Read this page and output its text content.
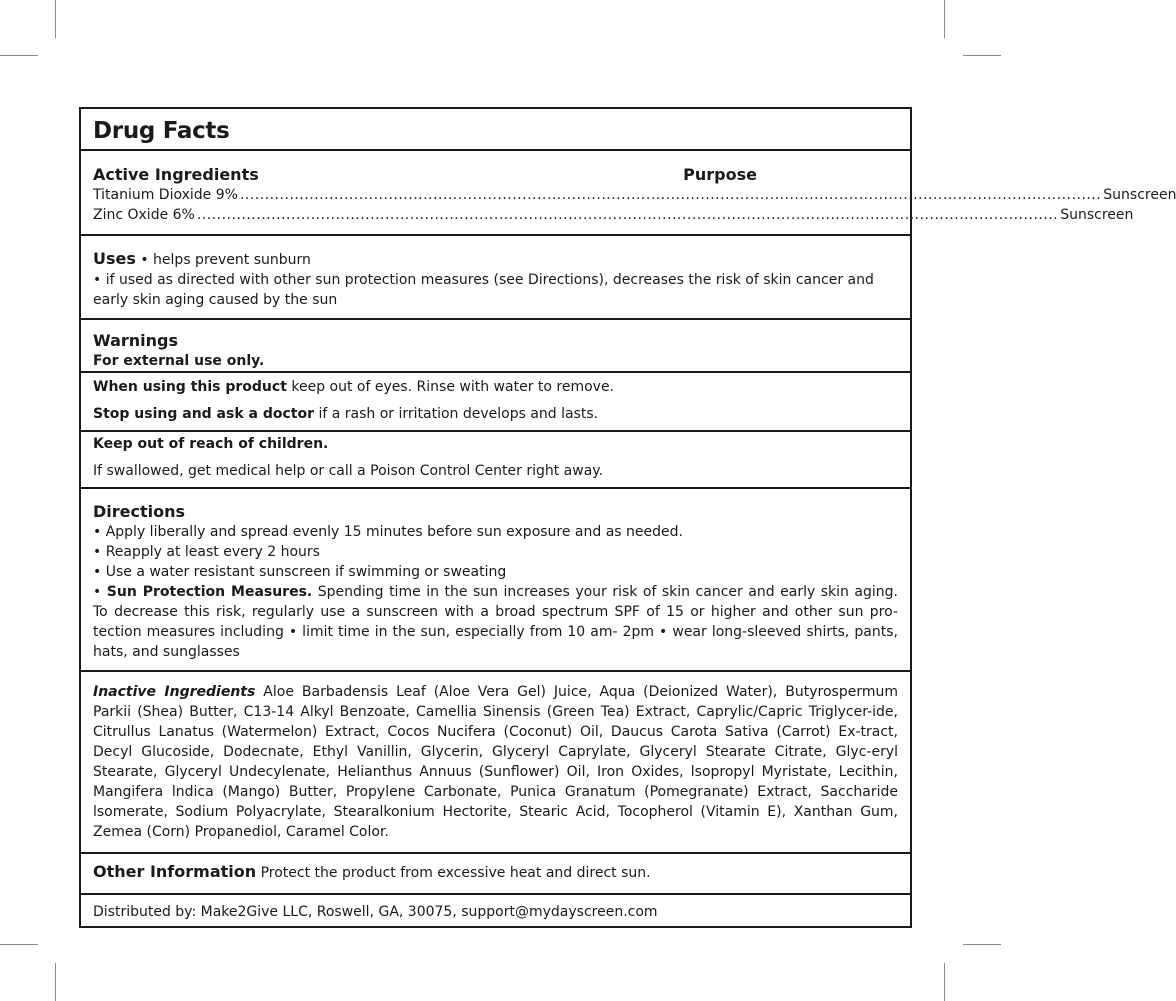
Drug Facts
Active Ingredients	Purpose
Titanium Dioxide 9% .............................................................................................................................................................................. Sunscreen
Zinc Oxide 6% .............................................................................................................................................................................. Sunscreen
Uses • helps prevent sunburn
• if used as directed with other sun protection measures (see Directions), decreases the risk of skin cancer and early skin aging caused by the sun
Warnings
For external use only.

When using this product keep out of eyes. Rinse with water to remove.

Stop using and ask a doctor if a rash or irritation develops and lasts.

Keep out of reach of children.
If swallowed, get medical help or call a Poison Control Center right away.
Directions
• Apply liberally and spread evenly 15 minutes before sun exposure and as needed.
• Reapply at least every 2 hours
• Use a water resistant sunscreen if swimming or sweating

• Sun Protection Measures. Spending time in the sun increases your risk of skin cancer and early skin aging. To decrease this risk, regularly use a sunscreen with a broad spectrum SPF of 15 or higher and other sun pro-tection measures including • limit time in the sun, especially from 10 am- 2pm • wear long-sleeved shirts, pants, hats, and sunglasses

Inactive Ingredients Aloe Barbadensis Leaf (Aloe Vera Gel) Juice, Aqua (Deionized Water), Butyrospermum Parkii (Shea) Butter, C13-14 Alkyl Benzoate, Camellia Sinensis (Green Tea) Extract, Caprylic/Capric Triglycer-ide, Citrullus Lanatus (Watermelon) Extract, Cocos Nucifera (Coconut) Oil, Daucus Carota Sativa (Carrot) Ex-tract, Decyl Glucoside, Dodecnate, Ethyl Vanillin, Glycerin, Glyceryl Caprylate, Glyceryl Stearate Citrate, Glyc-eryl Stearate, Glyceryl Undecylenate, Helianthus Annuus (Sunflower) Oil, Iron Oxides, lsopropyl Myristate, Lecithin, Mangifera lndica (Mango) Butter, Propylene Carbonate, Punica Granatum (Pomegranate) Extract, Saccharide lsomerate, Sodium Polyacrylate, Stearalkonium Hectorite, Stearic Acid, Tocopherol (Vitamin E), Xanthan Gum, Zemea (Corn) Propanediol, Caramel Color.

Other Information Protect the product from excessive heat and direct sun.
Distributed by: Make2Give LLC, Roswell, GA, 30075, support@mydayscreen.com
